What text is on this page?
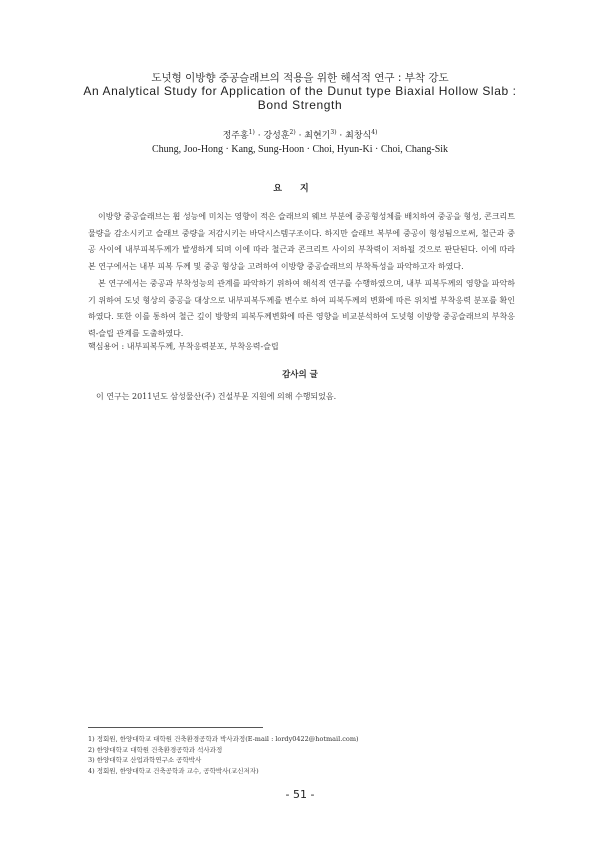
도넛형 이방향 중공슬래브의 적용을 위한 해석적 연구 : 부착 강도
An Analytical Study for Application of the Dunut type Biaxial Hollow Slab :
Bond Strength
정주홍$^{1)}$ · 강성훈$^{2)}$ · 최현기$^{3)}$ · 최창식$^{4)}$
Chung, Joo-Hong · Kang, Sung-Hoon · Choi, Hyun-Ki · Choi, Chang-Sik
요지
이방향 중공슬래브는 휨 성능에 미치는 영향이 적은 슬래브의 웨브 부분에 중공형성체를 배치하여 중공을 형성, 콘크리트 물량을 감소시키고 슬래브 중량을 저감시키는 바닥시스템구조이다. 하지만 슬래브 복부에 중공이 형성됨으로써, 철근과 중공 사이에 내부피복두께가 발생하게 되며 이에 따라 철근과 콘크리트 사이의 부착력이 저하될 것으로 판단된다. 이에 따라 본 연구에서는 내부 피복 두께 및 중공 형상을 고려하여 이방향 중공슬래브의 부착특성을 파악하고자 하였다.
본 연구에서는 중공과 부착성능의 관계를 파악하기 위하여 해석적 연구를 수행하였으며, 내부 피복두께의 영향을 파악하기 위하여 도넛 형상의 중공을 대상으로 내부피복두께를 변수로 하여 피복두께의 변화에 따른 위치별 부착응력 분포를 확인하였다. 또한 이를 통하여 철근 깊이 방향의 피복두께변화에 따른 영향을 비교분석하여 도넛형 이방향 중공슬래브의 부착응력-슬립 관계를 도출하였다.
핵심용어 : 내부피복두께, 부착응력분포, 부착응력-슬립
감사의 글
이 연구는 2011년도 삼성물산(주) 건설부문 지원에 의해 수행되었음.
1) 정회원, 한양대학교 대학원 건축환경공학과 박사과정(E-mail : lordy0422@hotmail.com)
2) 한양대학교 대학원 건축환경공학과 석사과정
3) 한양대학교 산업과학연구소 공학박사
4) 정회원, 한양대학교 건축공학과 교수, 공학박사(교신저자)
- 51 -
